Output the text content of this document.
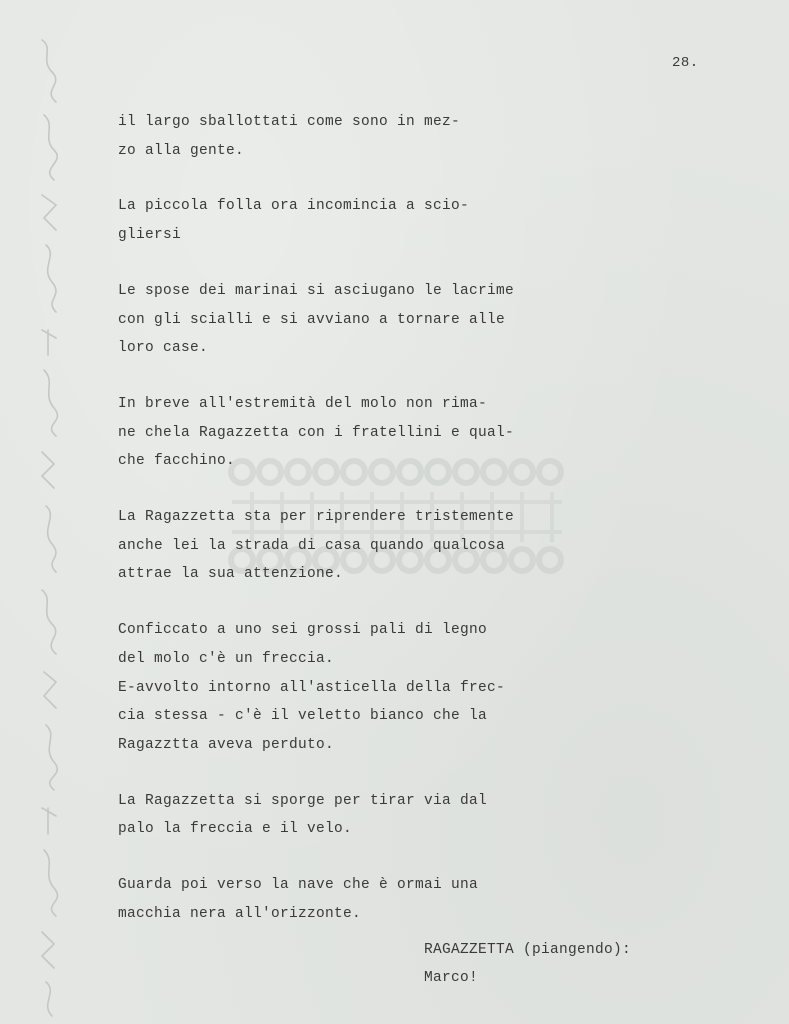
28.
il largo sballottati come sono in mez-
zo alla gente.
La piccola folla ora incomincia a scio-
gliersi
Le spose dei marinai si asciugano le lacrime
con gli scialli e si avviano a tornare alle
loro case.
In breve all'estremità del molo non rima-
ne chela Ragazzetta con i fratellini e qual-
che facchino.
La Ragazzetta sta per riprendere tristemente
anche lei la strada di casa quando qualcosa
attrae la sua attenzione.
Conficcato a uno sei grossi pali di legno
del molo c'è un freccia.
E-avvolto intorno all'asticella della frec-
cia stessa - c'è il veletto bianco che la
Ragazztta aveva perduto.
La Ragazzetta si sporge per tirar via dal
palo la freccia e il velo.
Guarda poi verso la nave che è ormai una
macchia nera all'orizzonte.
RAGAZZETTA (piangendo):
Marco!
